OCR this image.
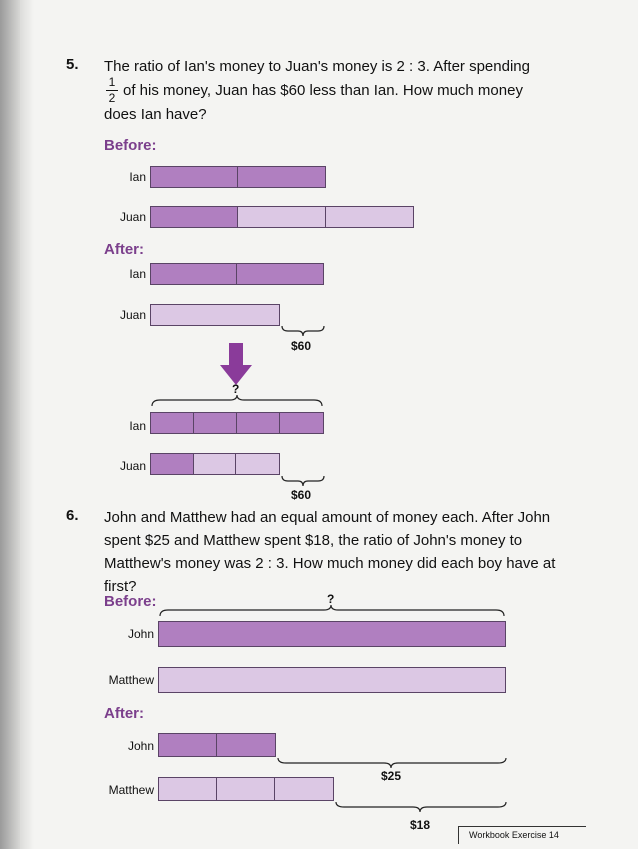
5. The ratio of Ian's money to Juan's money is 2 : 3. After spending
1
2 of his money, Juan has $60 less than Ian. How much money
does Ian have?
Before:
Ian
Juan
After:
Ian
Juan
$60
?
Ian
Juan
$60
6. John and Matthew had an equal amount of money each. After John
spent $25 and Matthew spent $18, the ratio of John's money to
Matthew's money was 2 : 3. How much money did each boy have at
first?
Before:	?
John
Matthew
After:
John
$25
Matthew
$18
Workbook Exercise 14
